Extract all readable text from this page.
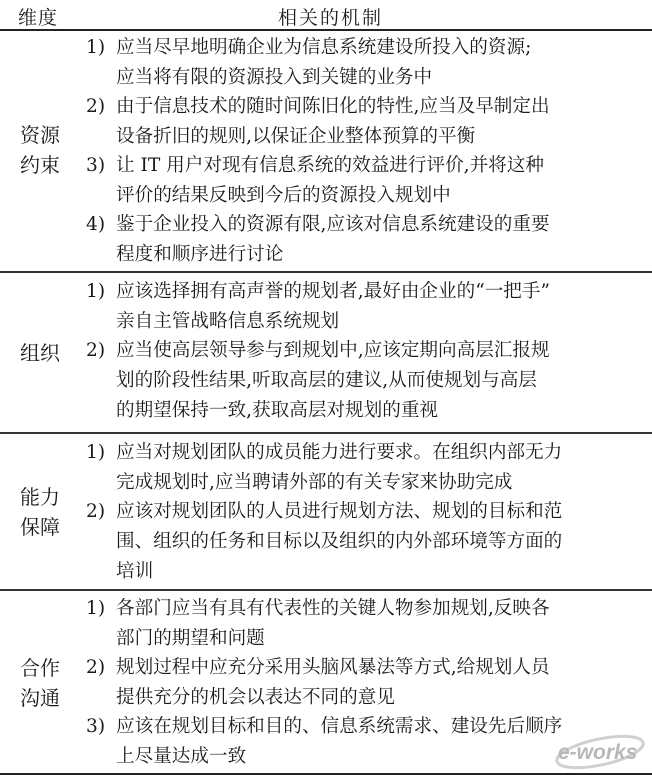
维度	相关的机制
资源
约束
1) 应当尽早地明确企业为信息系统建设所投入的资源;
应当将有限的资源投入到关键的业务中
2) 由于信息技术的随时间陈旧化的特性,应当及早制定出
设备折旧的规则,以保证企业整体预算的平衡
3) 让 IT 用户对现有信息系统的效益进行评价,并将这种
评价的结果反映到今后的资源投入规划中
4) 鉴于企业投入的资源有限,应该对信息系统建设的重要
程度和顺序进行讨论
组织
1) 应该选择拥有高声誉的规划者,最好由企业的“一把手”
亲自主管战略信息系统规划
2) 应当使高层领导参与到规划中,应该定期向高层汇报规
划的阶段性结果,听取高层的建议,从而使规划与高层
的期望保持一致,获取高层对规划的重视
能力
保障
1) 应当对规划团队的成员能力进行要求。在组织内部无力
完成规划时,应当聘请外部的有关专家来协助完成
2) 应该对规划团队的人员进行规划方法、规划的目标和范
围、组织的任务和目标以及组织的内外部环境等方面的
培训
合作
沟通
1) 各部门应当有具有代表性的关键人物参加规划,反映各
部门的期望和问题
2) 规划过程中应充分采用头脑风暴法等方式,给规划人员
提供充分的机会以表达不同的意见
3) 应该在规划目标和目的、信息系统需求、建设先后顺序
上尽量达成一致	e-works
